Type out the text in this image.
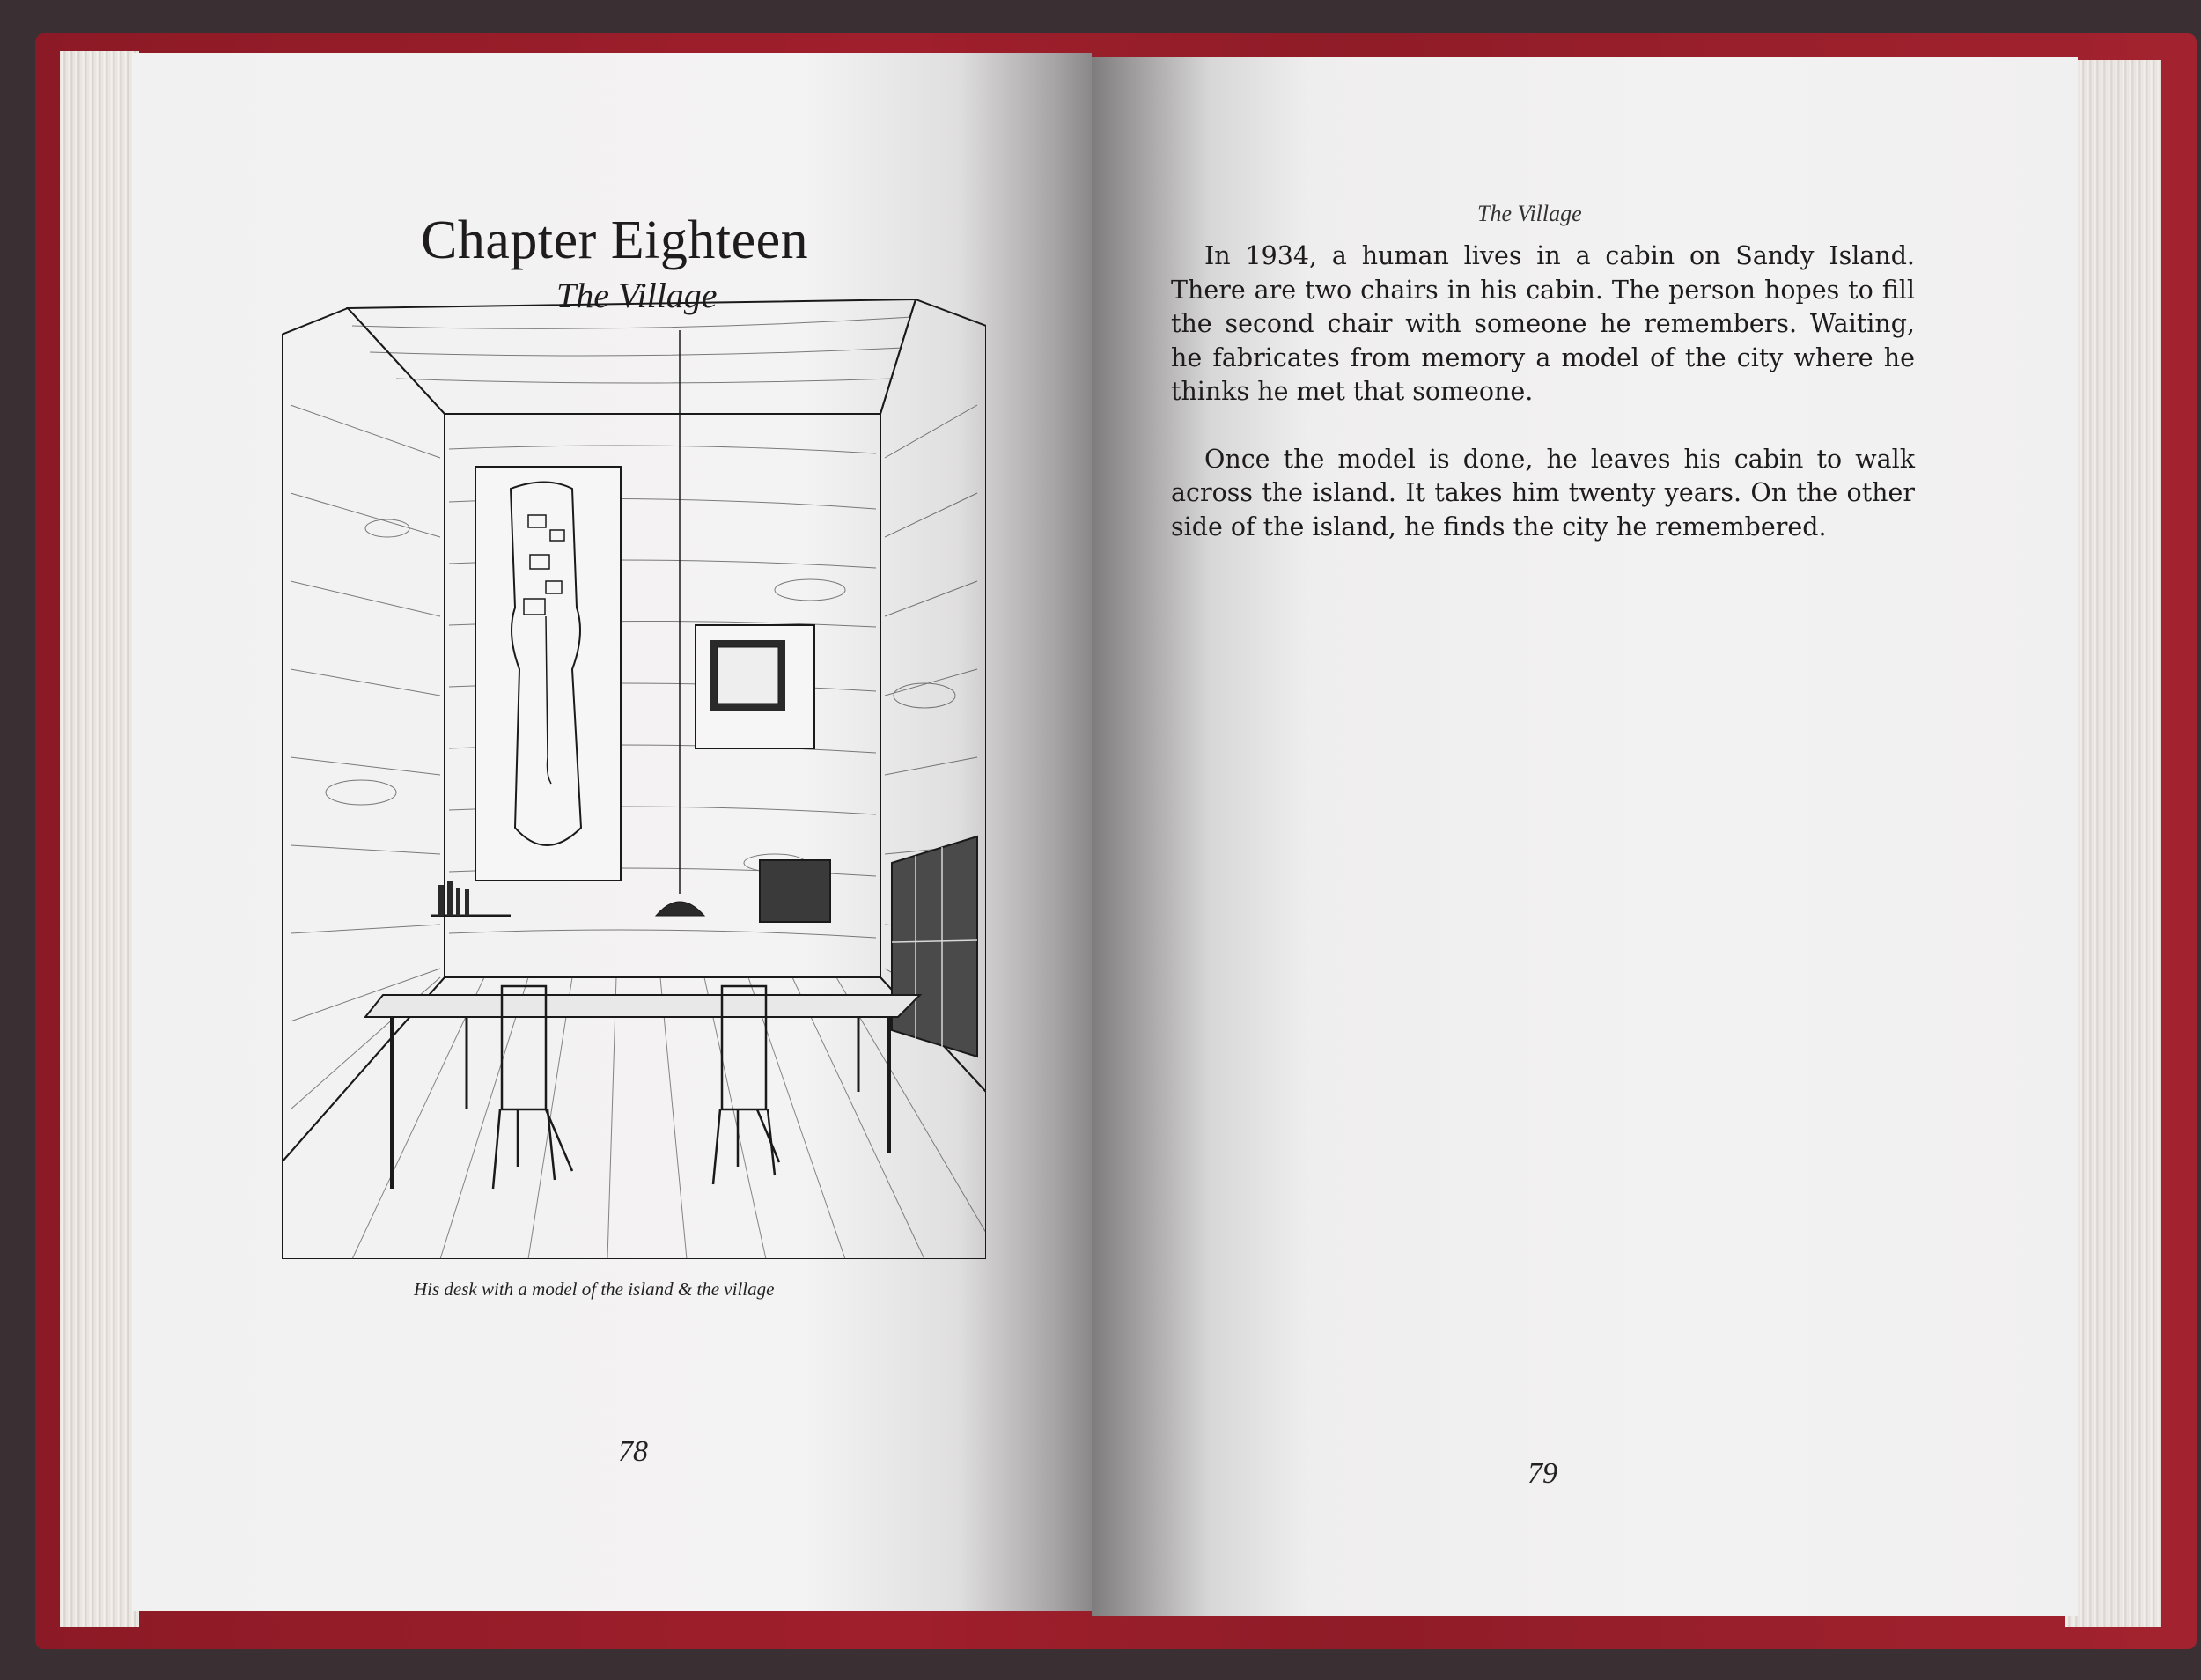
Chapter Eighteen
The Village
His desk with a model of the island & the village
78
The Village

In 1934, a human lives in a cabin on Sandy Island. There are two chairs in his cabin. The person hopes to fill the second chair with someone he remembers. Waiting, he fabricates from memory a model of the city where he thinks he met that someone.

Once the model is done, he leaves his cabin to walk across the island. It takes him twenty years. On the other side of the island, he finds the city he remembered.

79
